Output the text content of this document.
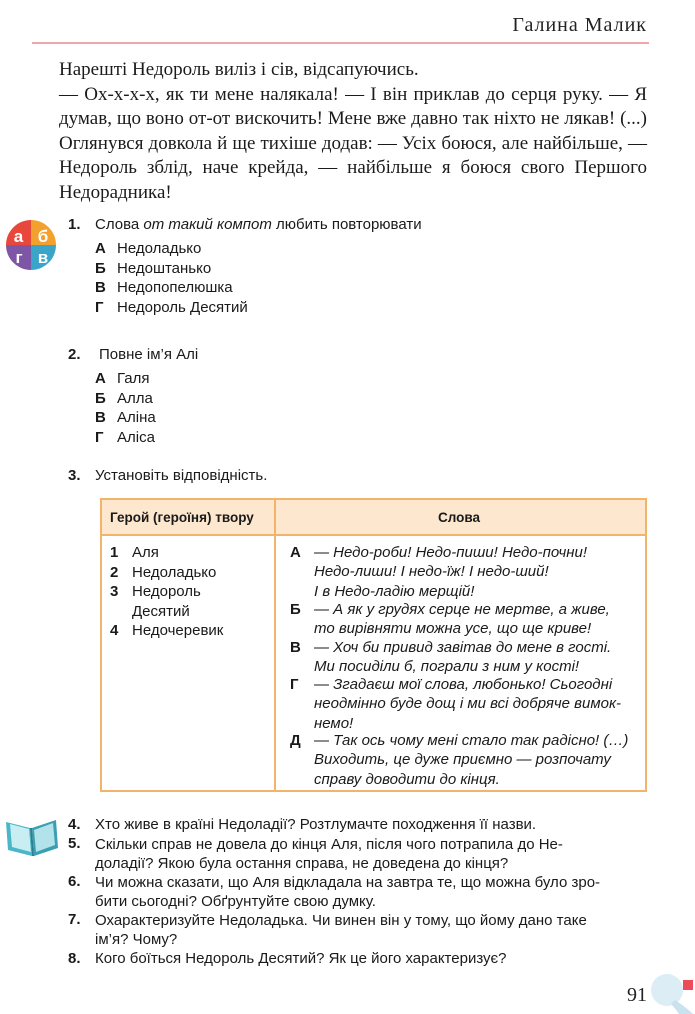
Галина Малик

Нарешті Недороль виліз і сів, відсапуючись.

— Ох-х-х-х, як ти мене налякала! — І він приклав до серця руку. — Я думав, що воно от-от вискочить! Мене вже давно так ніхто не лякав! (...) Оглянувся довкола й ще тихіше додав: — Усіх боюся, але найбільше, — Недороль зблід, наче крейда, — найбільше я боюся свого Першого Недорадника!

а б
г в
1. Слова от такий компот любить повторювати
А Недоладько
Б Недоштанько
В Недопопелюшка
Г Недороль Десятий
2. Повне ім’я Алі
А Галя
Б Алла
В Аліна
Г Аліса
3. Установіть відповідність.
Герой (героїня) твору	Слова
1 Аля
2 Недоладько
3 Недороль
Десятий
4 Недочеревик
А — Недо-роби! Недо-пиши! Недо-почни!
Недо-лиши! І недо-їж! І недо-ший!
І в Недо-ладію мерщій!
Б — А як у грудях серце не мертве, а живе,
то вирівняти можна усе, що ще криве!
В — Хоч би привид завітав до мене в гості.
Ми посиділи б, пограли з ним у кості!
Г — Згадаєш мої слова, любонько! Сьогодні
неодмінно буде дощ і ми всі добряче вимок-
немо!
Д — Так ось чому мені стало так радісно! (…)
Виходить, це дуже приємно — розпочату
справу доводити до кінця.
4. Хто живе в країні Недоладії? Розтлумачте походження її назви.
5. Скільки справ не довела до кінця Аля, після чого потрапила до Не-
доладії? Якою була остання справа, не доведена до кінця?
6. Чи можна сказати, що Аля відкладала на завтра те, що можна було зро-
бити сьогодні? Обґрунтуйте свою думку.
7. Охарактеризуйте Недоладька. Чи винен він у тому, що йому дано таке
ім’я? Чому?
8. Кого боїться Недороль Десятий? Як це його характеризує?
91
